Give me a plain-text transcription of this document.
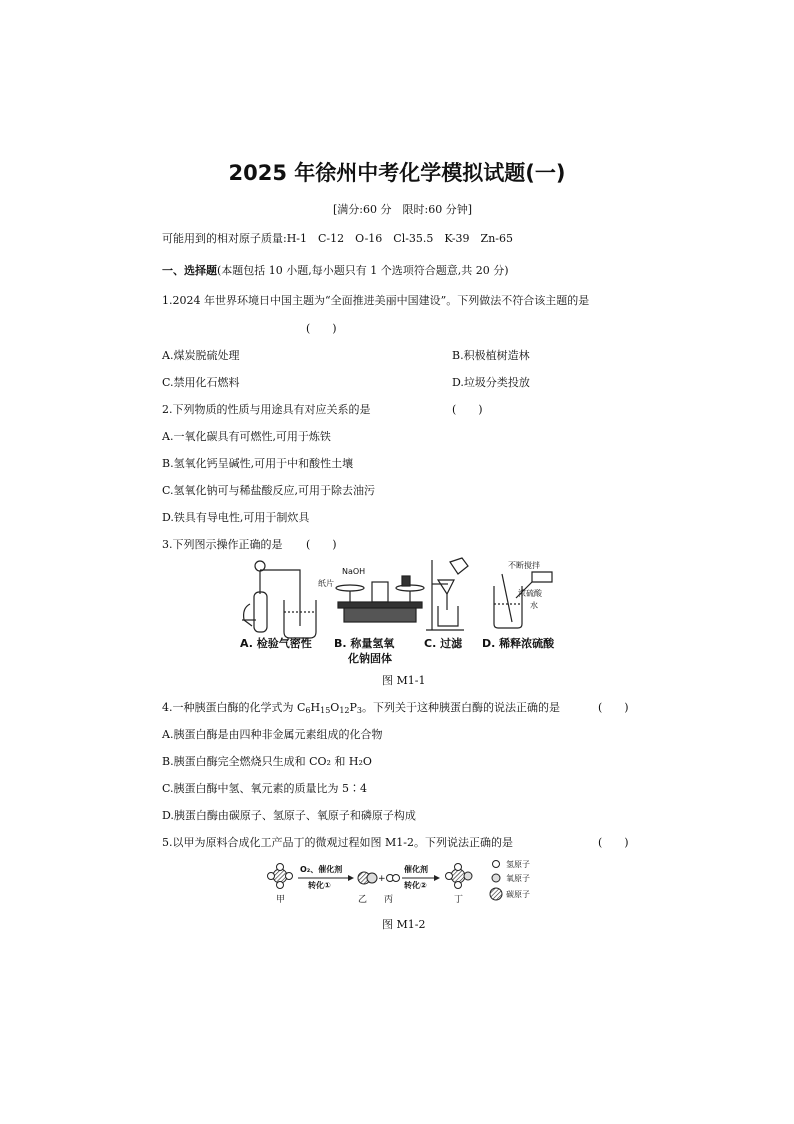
2025 年徐州中考化学模拟试题(一)
[满分:60 分　限时:60 分钟]
可能用到的相对原子质量:H-1　C-12　O-16　Cl-35.5　K-39　Zn-65
一、选择题(本题包括 10 小题,每小题只有 1 个选项符合题意,共 20 分)
1.2024 年世界环境日中国主题为“全面推进美丽中国建设”。下列做法不符合该主题的是
(　　)
A.煤炭脱硫处理	B.积极植树造林
C.禁用化石燃料	D.垃圾分类投放
2.下列物质的性质与用途具有对应关系的是	(　　)
A.一氧化碳具有可燃性,可用于炼铁
B.氢氧化钙呈碱性,可用于中和酸性土壤
C.氢氧化钠可与稀盐酸反应,可用于除去油污
D.铁具有导电性,可用于制炊具
3.下列图示操作正确的是 (　　)
NaOH
纸片
不断搅拌
浓硫酸
水
A. 检验气密性 B. 称量氢氧
化钠固体
C. 过滤 D. 稀释浓硫酸
图 M1-1
4.一种胰蛋白酶的化学式为 $C_6H_{15}O_{12}P_3$。下列关于这种胰蛋白酶的说法正确的是	(　　)
A.胰蛋白酶是由四种非金属元素组成的化合物
B.胰蛋白酶完全燃烧只生成和 CO₂ 和 H₂O
C.胰蛋白酶中氢、氧元素的质量比为 5∶4
D.胰蛋白酶由碳原子、氢原子、氧原子和磷原子构成
5.以甲为原料合成化工产品丁的微观过程如图 M1-2。下列说法正确的是	(　　)
O₂、催化剂
转化①
+
催化剂
转化②
甲	乙 丙	丁
氢原子
氧原子
碳原子
图 M1-2
